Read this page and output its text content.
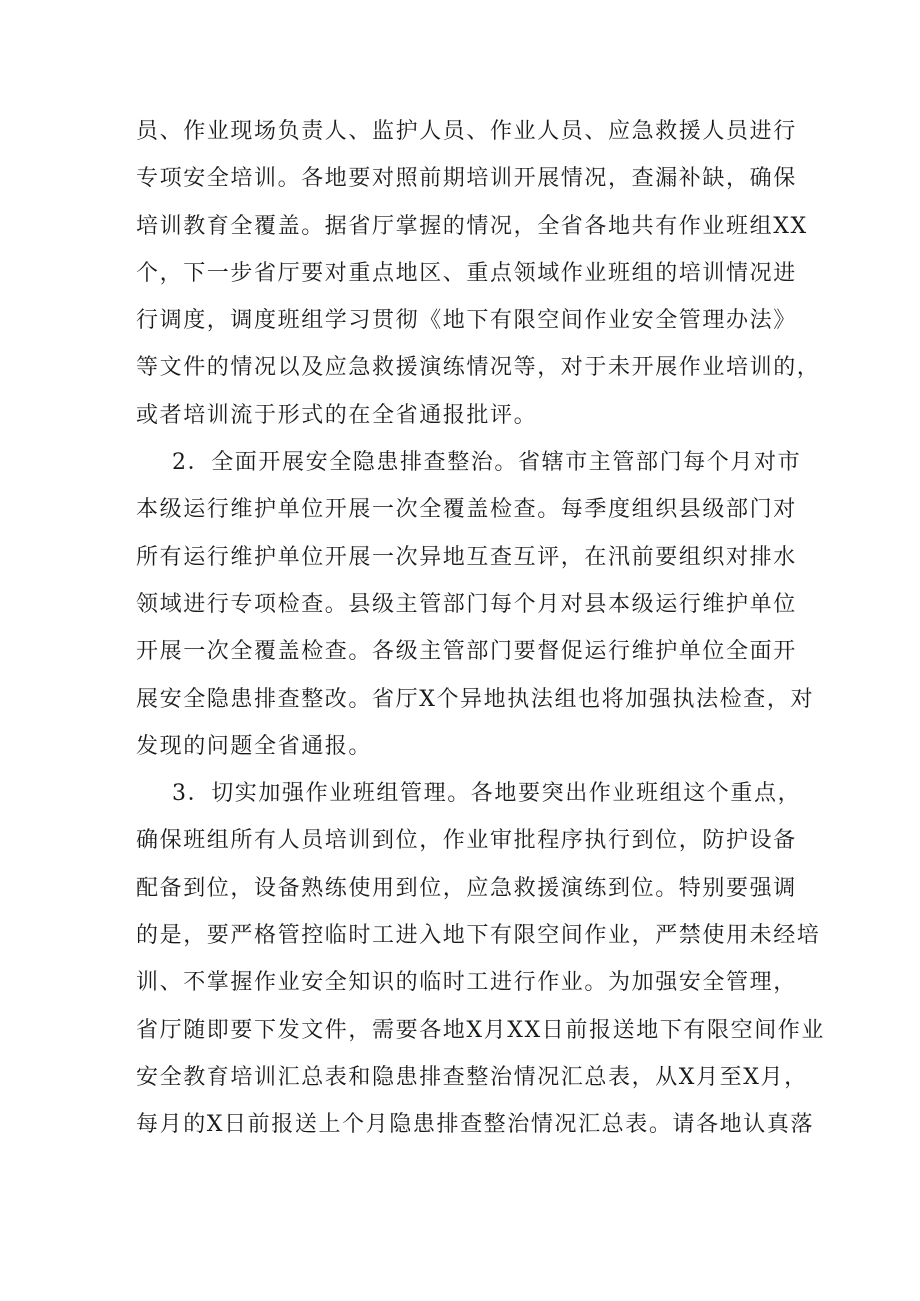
员、作业现场负责人、监护人员、作业人员、应急救援人员进行
专项安全培训。各地要对照前期培训开展情况，查漏补缺，确保
培训教育全覆盖。据省厅掌握的情况，全省各地共有作业班组XX
个，下一步省厅要对重点地区、重点领域作业班组的培训情况进
行调度，调度班组学习贯彻《地下有限空间作业安全管理办法》
等文件的情况以及应急救援演练情况等，对于未开展作业培训的，
或者培训流于形式的在全省通报批评。
2．全面开展安全隐患排查整治。省辖市主管部门每个月对市
本级运行维护单位开展一次全覆盖检查。每季度组织县级部门对
所有运行维护单位开展一次异地互查互评，在汛前要组织对排水
领域进行专项检查。县级主管部门每个月对县本级运行维护单位
开展一次全覆盖检查。各级主管部门要督促运行维护单位全面开
展安全隐患排查整改。省厅X个异地执法组也将加强执法检查，对
发现的问题全省通报。
3．切实加强作业班组管理。各地要突出作业班组这个重点，
确保班组所有人员培训到位，作业审批程序执行到位，防护设备
配备到位，设备熟练使用到位，应急救援演练到位。特别要强调
的是，要严格管控临时工进入地下有限空间作业，严禁使用未经培
训、不掌握作业安全知识的临时工进行作业。为加强安全管理，
省厅随即要下发文件，需要各地X月XX日前报送地下有限空间作业
安全教育培训汇总表和隐患排查整治情况汇总表，从X月至X月，
每月的X日前报送上个月隐患排查整治情况汇总表。请各地认真落
